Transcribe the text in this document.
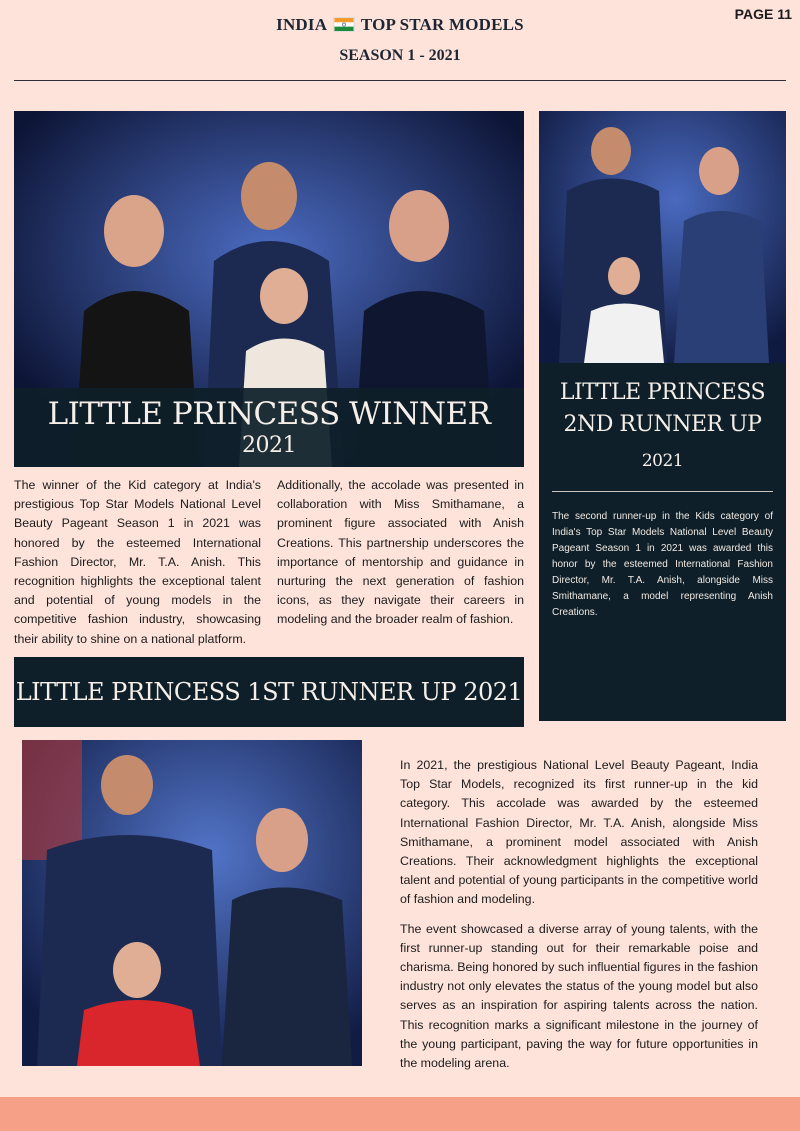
PAGE 11
INDIA TOP STAR MODELS
SEASON 1 - 2021
LITTLE PRINCESS WINNER
2021
The winner of the Kid category at India's prestigious Top Star Models National Level Beauty Pageant Season 1 in 2021 was honored by the esteemed International Fashion Director, Mr. T.A. Anish. This recognition highlights the exceptional talent and potential of young models in the competitive fashion industry, showcasing their ability to shine on a national platform.
Additionally, the accolade was presented in collaboration with Miss Smithamane, a prominent figure associated with Anish Creations. This partnership underscores the importance of mentorship and guidance in nurturing the next generation of fashion icons, as they navigate their careers in modeling and the broader realm of fashion.
LITTLE PRINCESS 1ST RUNNER UP 2021
LITTLE PRINCESS
2ND RUNNER UP
2021
The second runner-up in the Kids category of India's Top Star Models National Level Beauty Pageant Season 1 in 2021 was awarded this honor by the esteemed International Fashion Director, Mr. T.A. Anish, alongside Miss Smithamane, a model representing Anish Creations.

In 2021, the prestigious National Level Beauty Pageant, India Top Star Models, recognized its first runner-up in the kid category. This accolade was awarded by the esteemed International Fashion Director, Mr. T.A. Anish, alongside Miss Smithamane, a prominent model associated with Anish Creations. Their acknowledgment highlights the exceptional talent and potential of young participants in the competitive world of fashion and modeling.

The event showcased a diverse array of young talents, with the first runner-up standing out for their remarkable poise and charisma. Being honored by such influential figures in the fashion industry not only elevates the status of the young model but also serves as an inspiration for aspiring talents across the nation. This recognition marks a significant milestone in the journey of the young participant, paving the way for future opportunities in the modeling arena.
